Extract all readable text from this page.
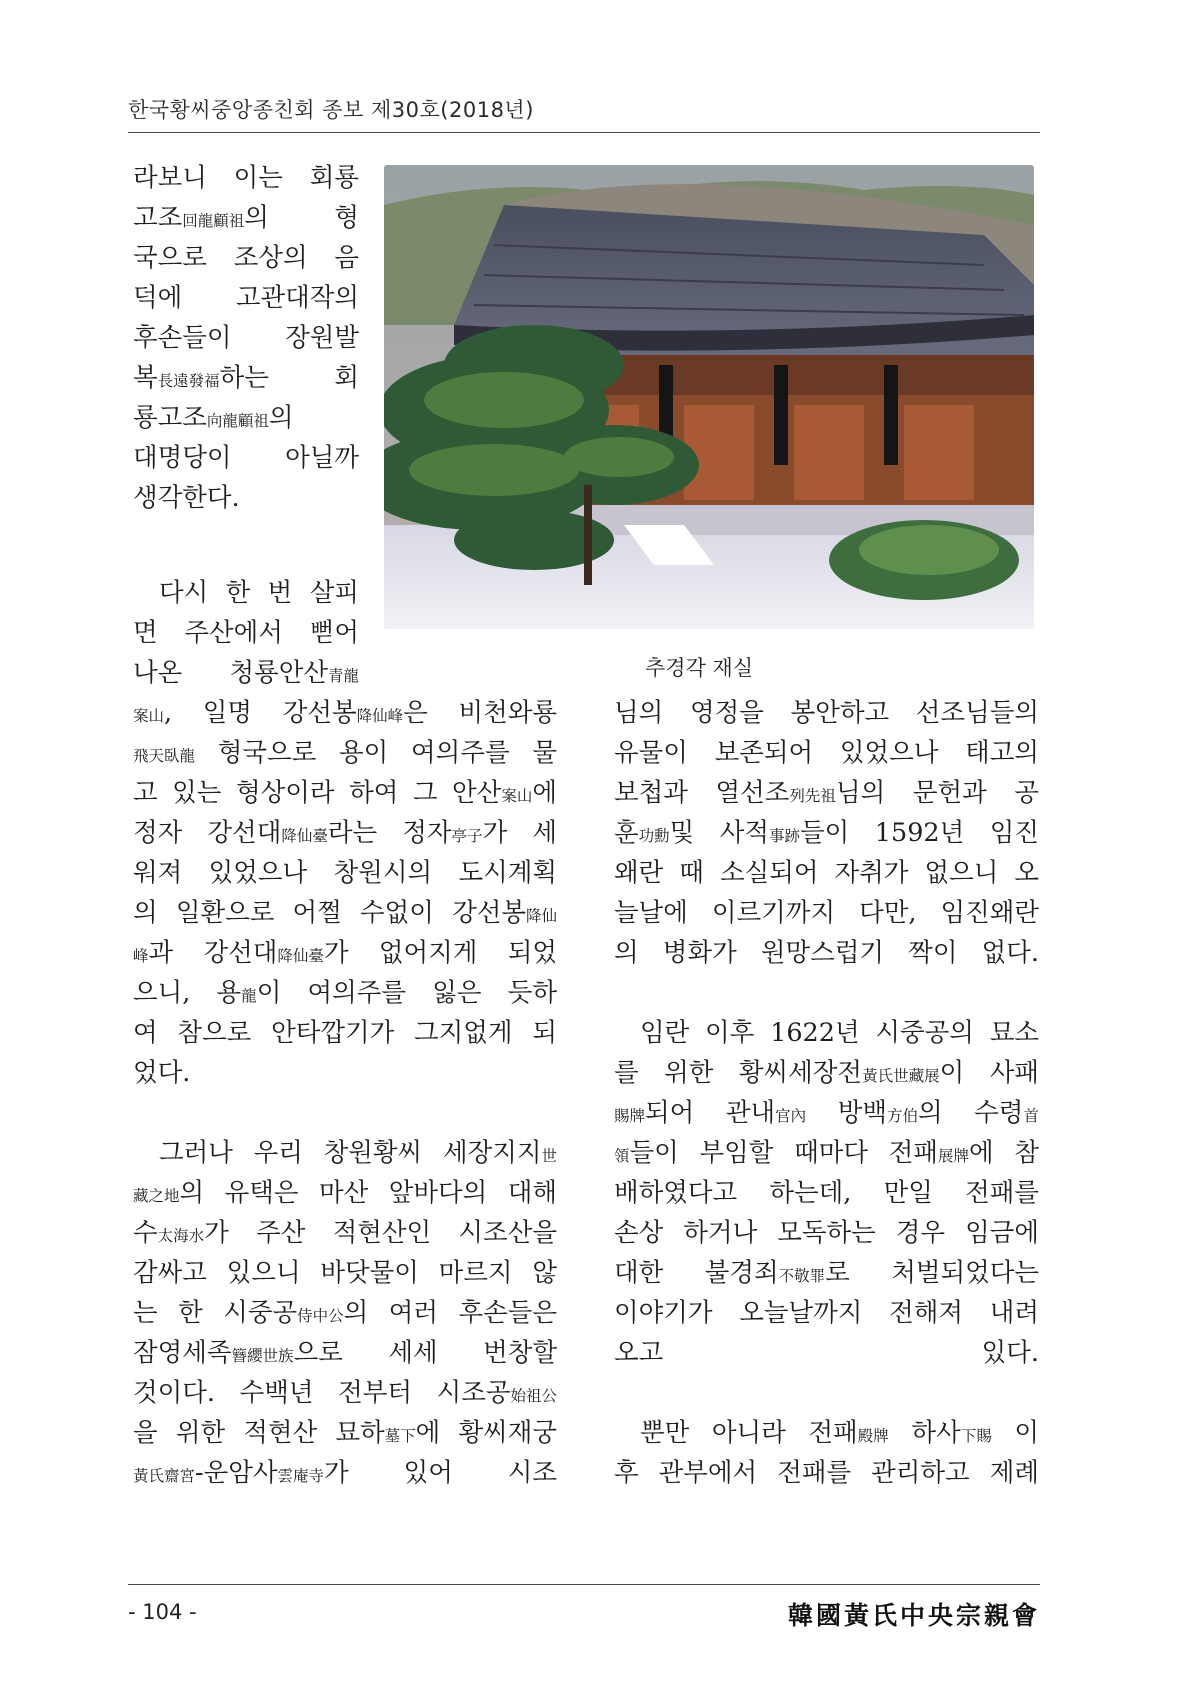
한국황씨중앙종친회 종보 제30호(2018년)
라보니 이는 회룡
고조回龍顧祖의	형
국으로 조상의 음
덕에 고관대작의
후손들이 장원발
복長遠發福하는	회
룡고조向龍顧祖의
대명당이 아닐까
생각한다.
다시 한 번 살피
면 주산에서 뻗어
나온 청룡안산青龍
案山, 일명 강선봉降仙峰은 비천와룡
飛天臥龍 형국으로 용이 여의주를 물
고 있는 형상이라 하여 그 안산案山에
정자 강선대降仙臺라는 정자亭子가 세
워져 있었으나 창원시의 도시계획
의 일환으로 어쩔 수없이 강선봉降仙
峰과 강선대降仙臺가 없어지게 되었
으니, 용龍이 여의주를 잃은 듯하
여 참으로 안타깝기가 그지없게 되
었다.
그러나 우리 창원황씨 세장지지世
藏之地의 유택은 마산 앞바다의 대해
수太海水가 주산 적현산인 시조산을
감싸고 있으니 바닷물이 마르지 않
는 한 시중공侍中公의 여러 후손들은
잠영세족簪纓世族으로 세세 번창할
것이다. 수백년 전부터 시조공始祖公
을 위한 적현산 묘하墓下에 황씨재궁
黃氏齋宮-운암사雲庵寺가 있어 시조
님의 영정을 봉안하고 선조님들의
유물이 보존되어 있었으나 태고의
보첩과 열선조列先祖님의 문헌과 공
훈功勳및 사적事跡들이 1592년 임진
왜란 때 소실되어 자취가 없으니 오
늘날에 이르기까지 다만, 임진왜란
의 병화가 원망스럽기 짝이 없다.
임란 이후 1622년 시중공의 묘소
를 위한 황씨세장전黃氏世藏展이 사패
賜牌되어 관내官內 방백方伯의 수령首
領들이 부임할 때마다 전패展牌에 참
배하였다고 하는데, 만일 전패를
손상 하거나 모독하는 경우 임금에
대한 불경죄不敬罪로 처벌되었다는
이야기가 오늘날까지 전해져 내려
오고	있다.
뿐만 아니라 전패殿牌 하사下賜 이
후 관부에서 전패를 관리하고 제례
추경각 재실
- 104 -	韓國黃氏中央宗親會
